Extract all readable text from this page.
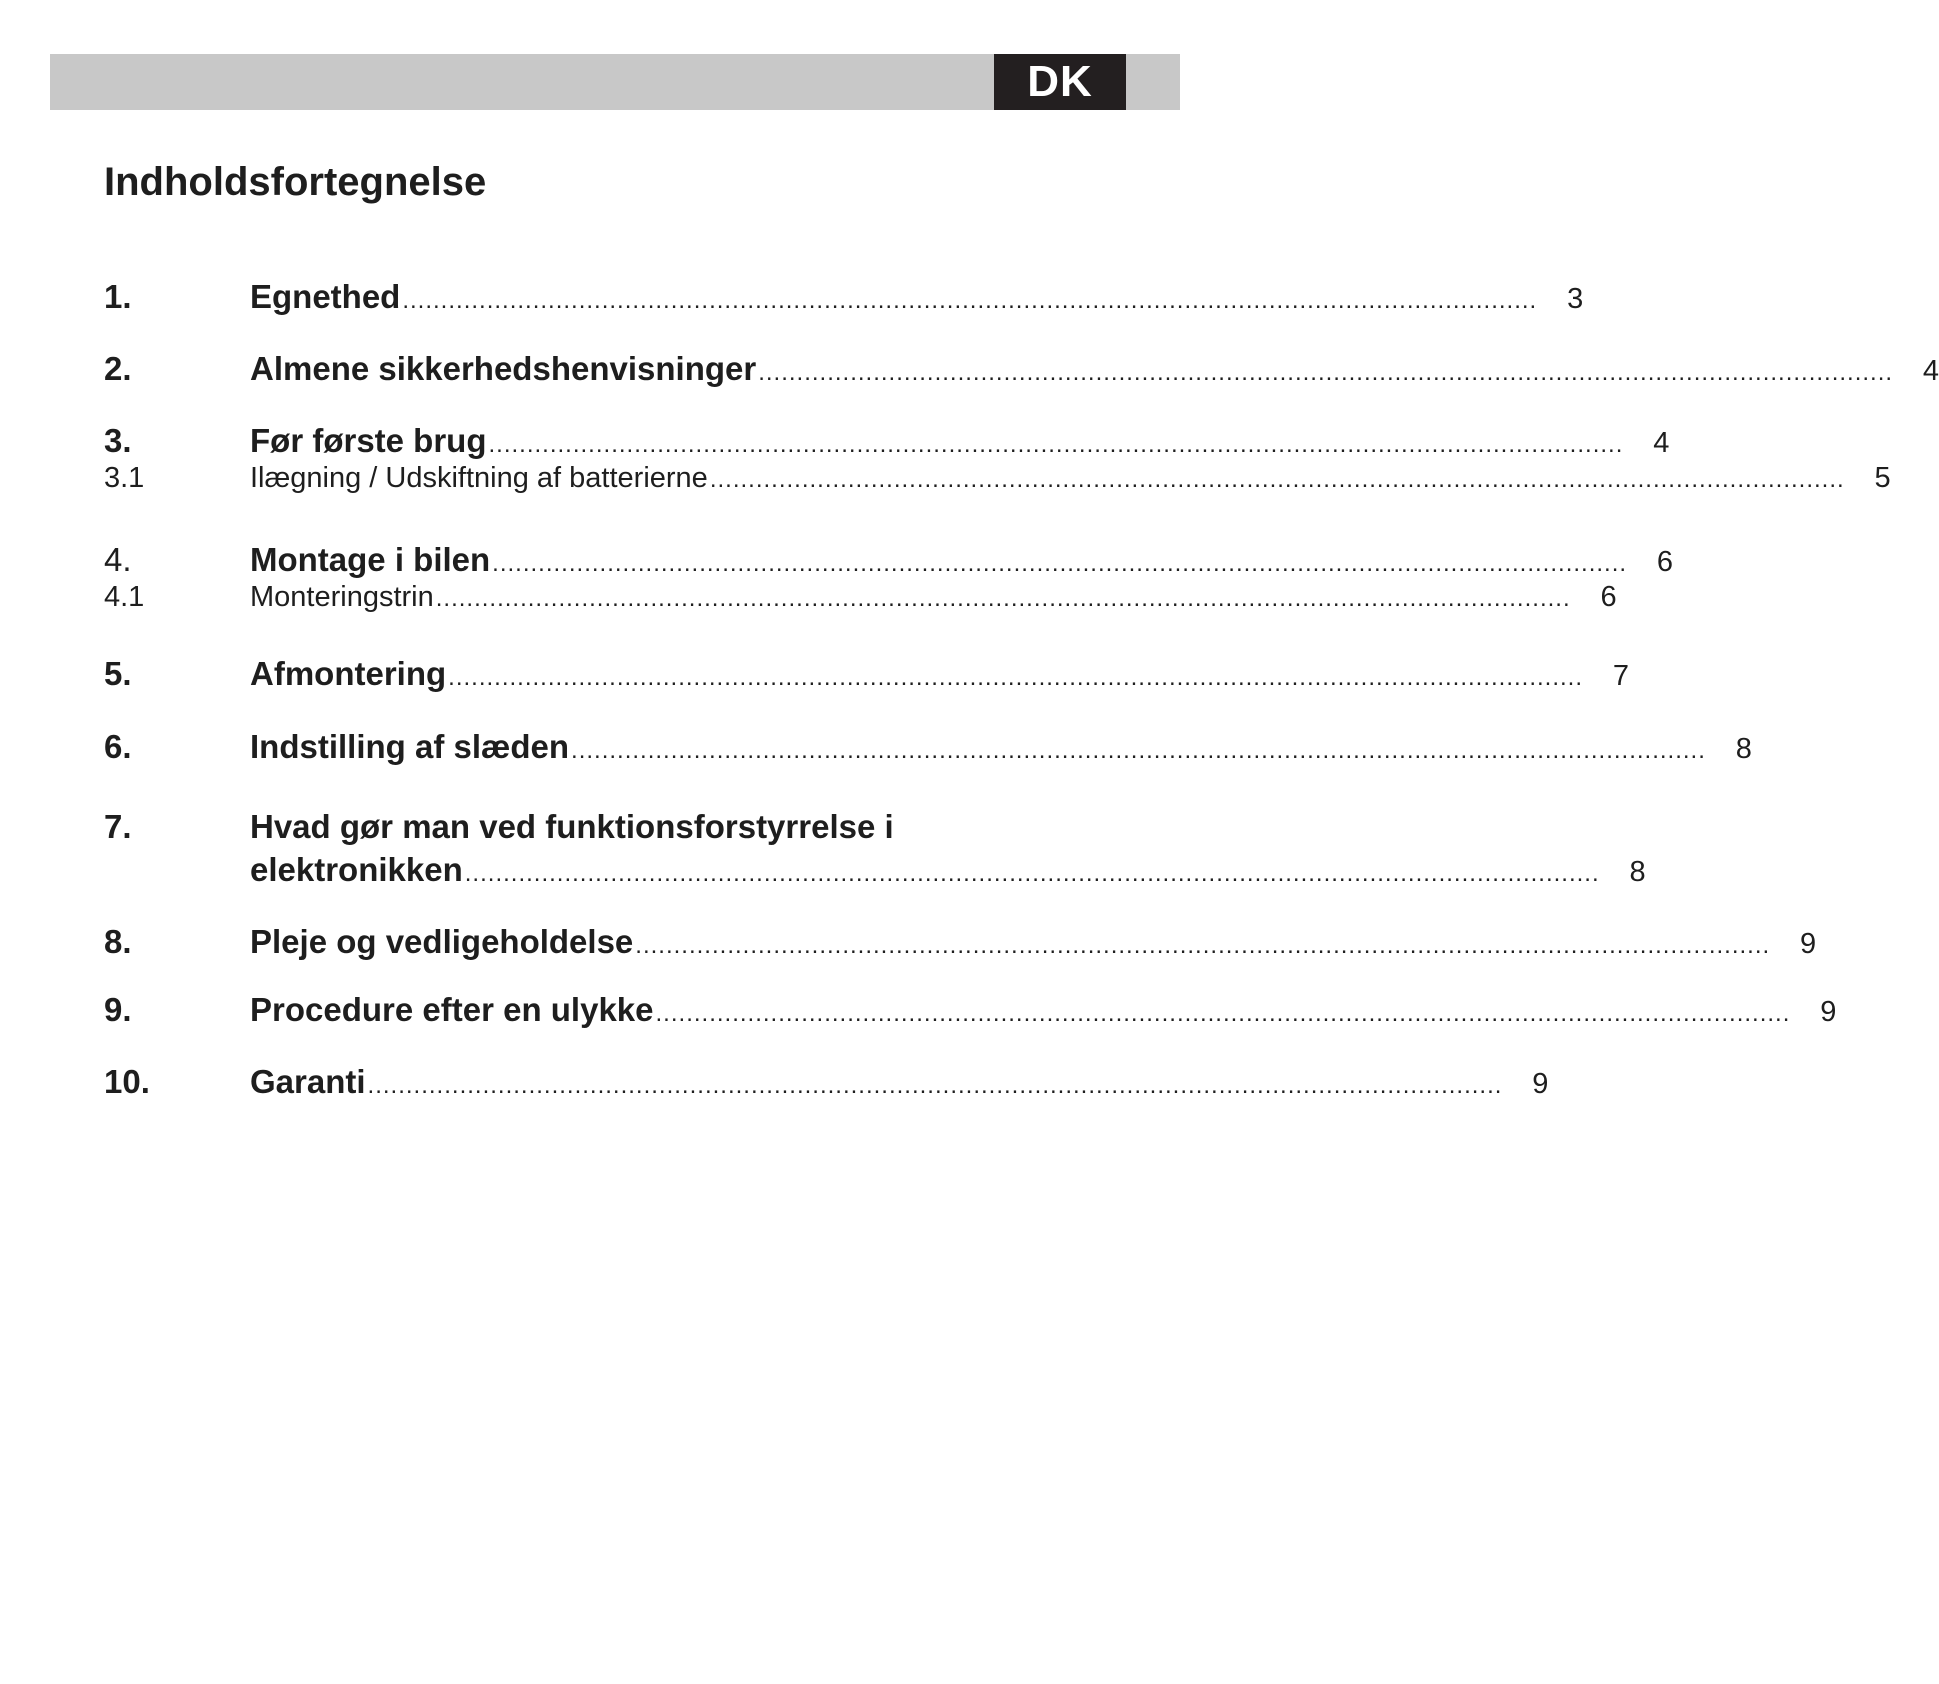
DK
Indholdsfortegnelse
1.	Egnethed ....................................................................................................................................................	3
2.	Almene sikkerhedshenvisninger ....................................................................................................................................................	4
3.	Før første brug ....................................................................................................................................................	4
3.1	Ilægning / Udskiftning af batterierne ....................................................................................................................................................	5
4.	Montage i bilen ....................................................................................................................................................	6
4.1	Monteringstrin ....................................................................................................................................................	6
5.	Afmontering ....................................................................................................................................................	7
6.	Indstilling af slæden ....................................................................................................................................................	8
7.	Hvad gør man ved funktionsforstyrrelse i
elektronikken ....................................................................................................................................................	8
8.	Pleje og vedligeholdelse ....................................................................................................................................................	9
9.	Procedure efter en ulykke ....................................................................................................................................................	9
10.	Garanti ....................................................................................................................................................	9
